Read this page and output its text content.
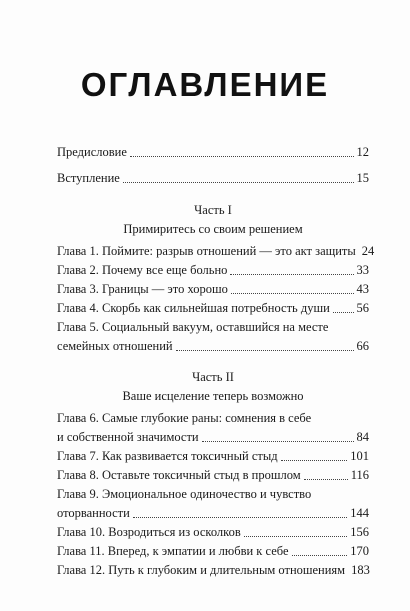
ОГЛАВЛЕНИЕ
Предисловие	12
Вступление	15
Часть I
Примиритесь со своим решением
Глава 1. Поймите: разрыв отношений — это акт защиты 24
Глава 2. Почему все еще больно	33
Глава 3. Границы — это хорошо	43
Глава 4. Скорбь как сильнейшая потребность души 56
Глава 5. Социальный вакуум, оставшийся на месте
семейных отношений	66
Часть II
Ваше исцеление теперь возможно
Глава 6. Самые глубокие раны: сомнения в себе
и собственной значимости	84
Глава 7. Как развивается токсичный стыд	101
Глава 8. Оставьте токсичный стыд в прошлом	116
Глава 9. Эмоциональное одиночество и чувство
оторванности	144
Глава 10. Возродиться из осколков	156
Глава 11. Вперед, к эмпатии и любви к себе	170
Глава 12. Путь к глубоким и длительным отношениям 183
